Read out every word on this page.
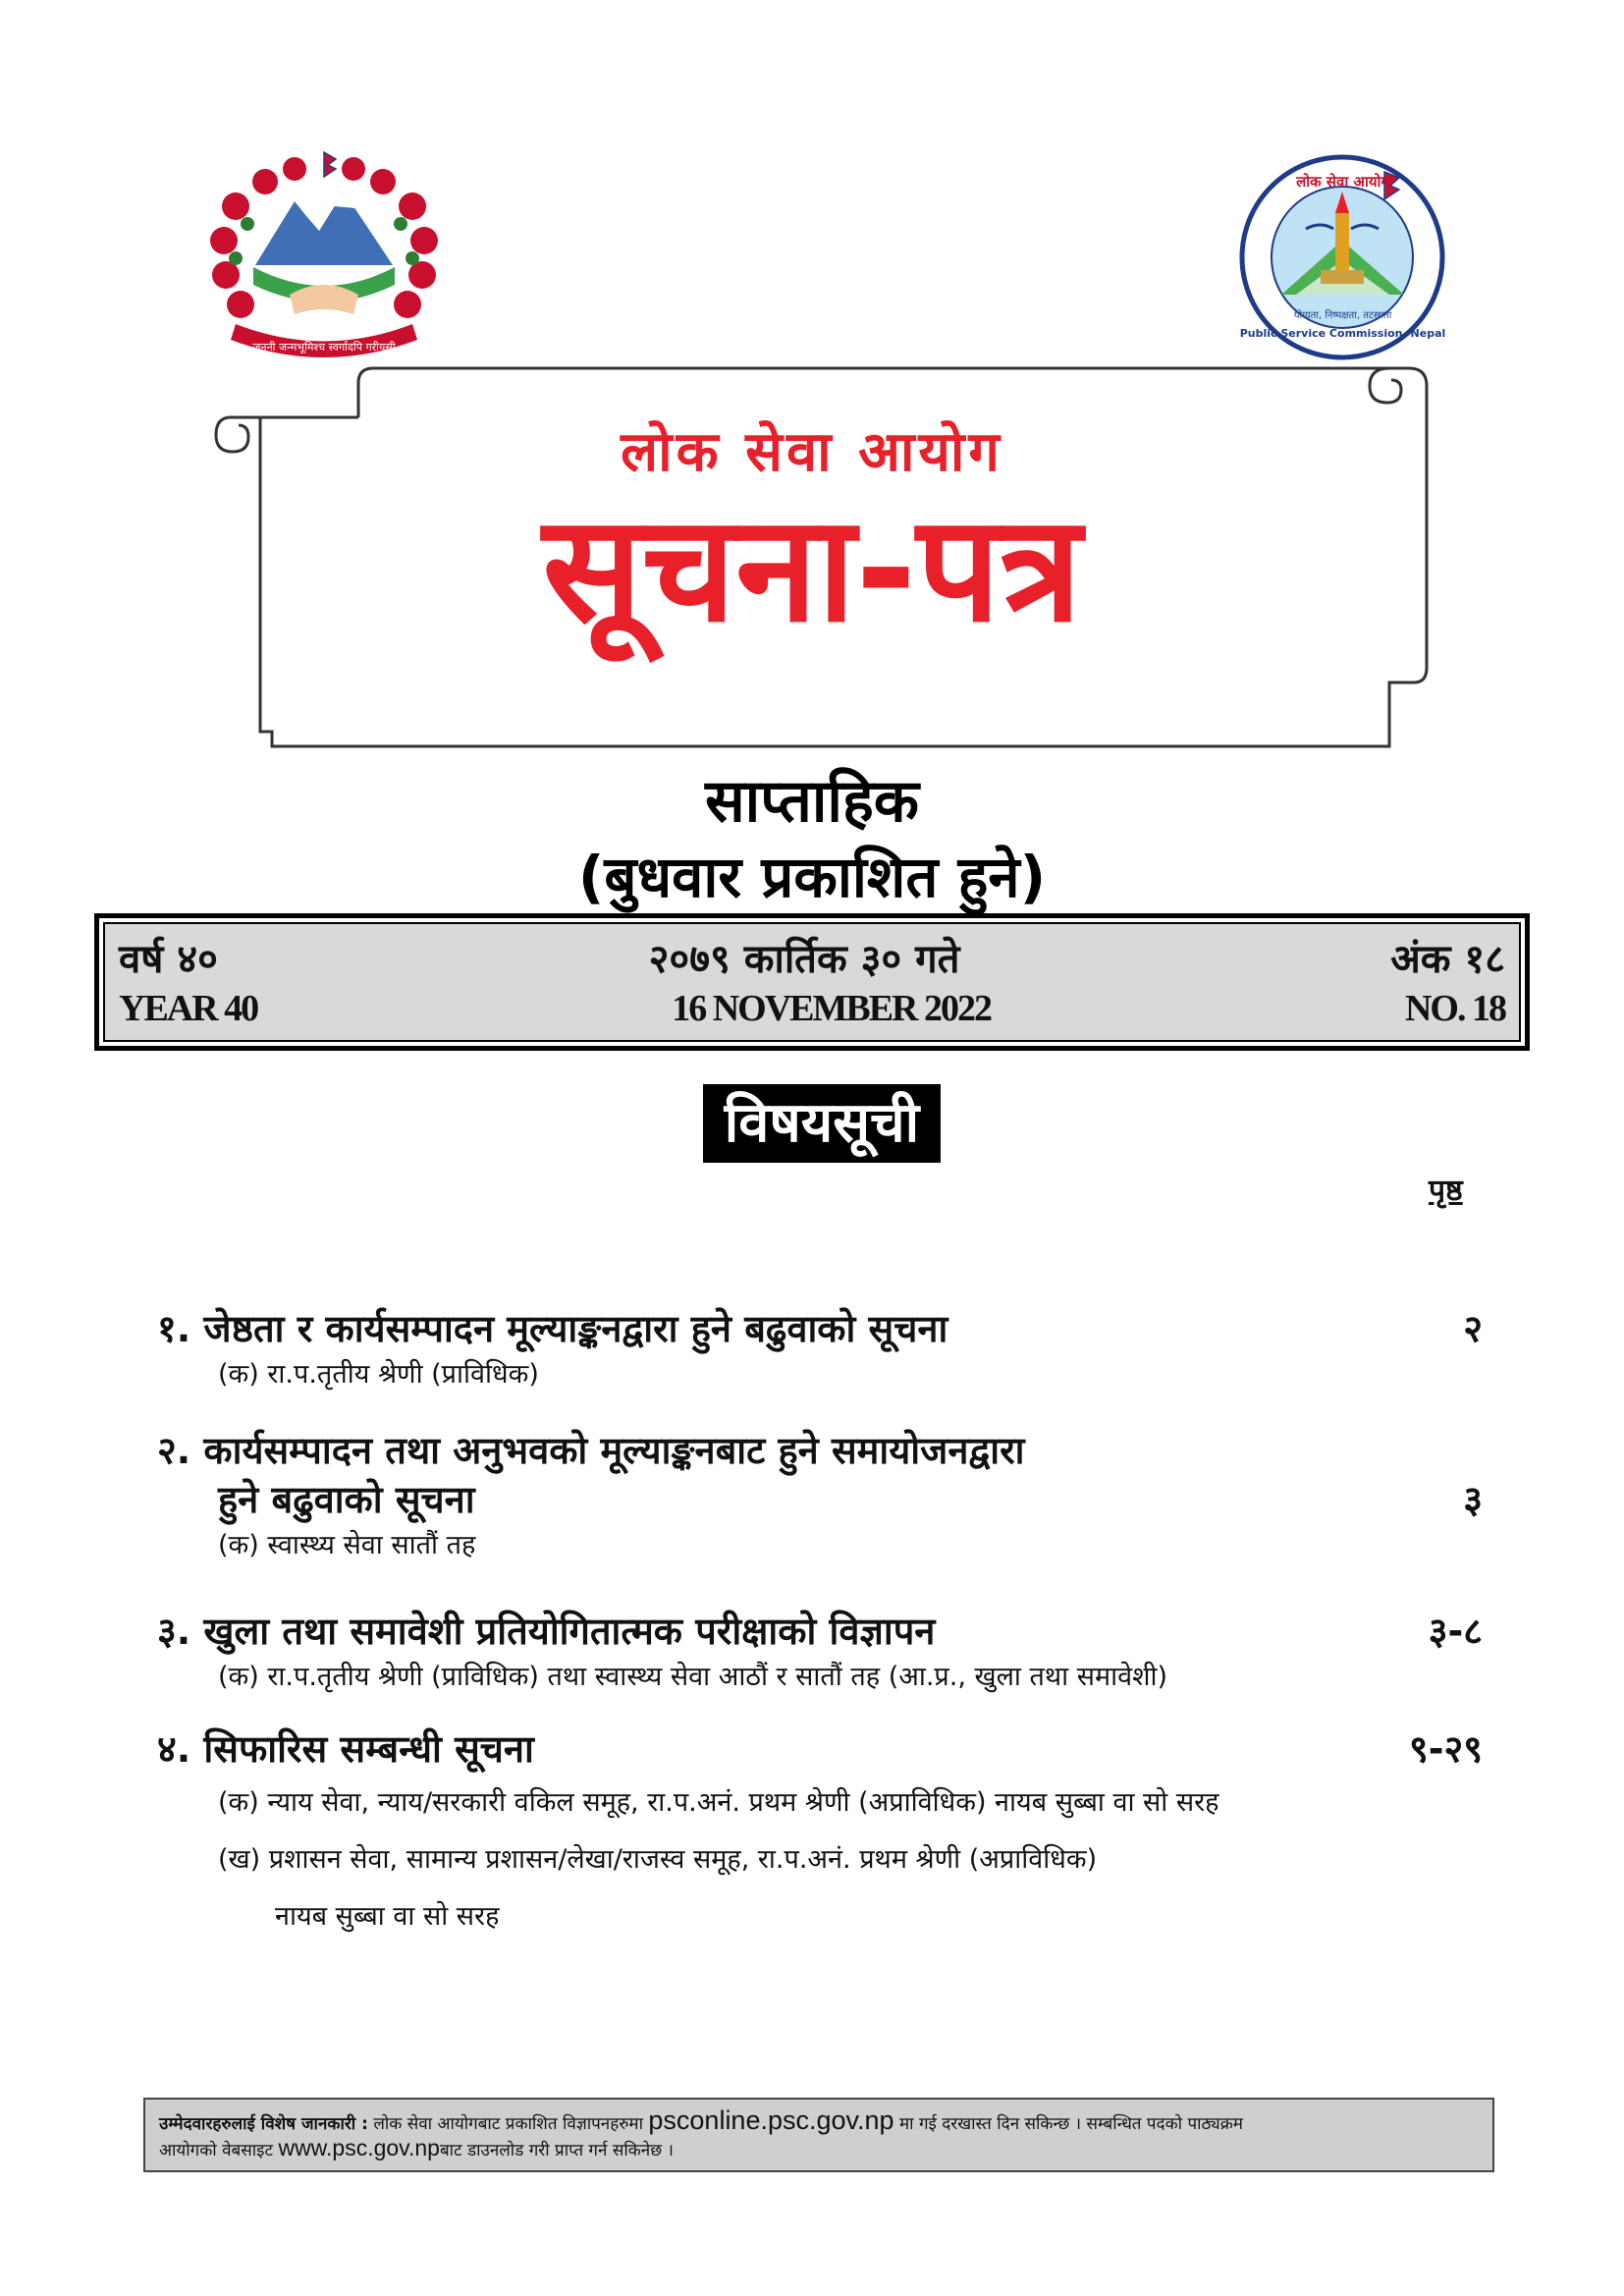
जननी जन्मभूमिश्च स्वर्गादपि गरीयसी
लोक सेवा आयोग
योग्यता, निष्पक्षता, तटस्थता
Public Service Commission, Nepal
लोक सेवा आयोग
सूचना-पत्र
साप्ताहिक
(बुधवार प्रकाशित हुने)
वर्ष ४०	२०७९ कार्तिक ३० गते	अंक १८
YEAR 40	16 NOVEMBER 2022	NO. 18
विषयसूची
पृष्ठ
१. जेष्ठता र कार्यसम्पादन मूल्याङ्कनद्वारा हुने बढुवाको सूचना	२
(क) रा.प.तृतीय श्रेणी (प्राविधिक)
२. कार्यसम्पादन तथा अनुभवको मूल्याङ्कनबाट हुने समायोजनद्वारा
हुने बढुवाको सूचना	३
(क) स्वास्थ्य सेवा सातौं तह
३. खुला तथा समावेशी प्रतियोगितात्मक परीक्षाको विज्ञापन	३-८
(क) रा.प.तृतीय श्रेणी (प्राविधिक) तथा स्वास्थ्य सेवा आठौं र सातौं तह (आ.प्र., खुला तथा समावेशी)
४. सिफारिस सम्बन्धी सूचना	९-२९
(क) न्याय सेवा, न्याय/सरकारी वकिल समूह, रा.प.अनं. प्रथम श्रेणी (अप्राविधिक) नायब सुब्बा वा सो सरह
(ख) प्रशासन सेवा, सामान्य प्रशासन/लेखा/राजस्व समूह, रा.प.अनं. प्रथम श्रेणी (अप्राविधिक)
नायब सुब्बा वा सो सरह
उम्मेदवारहरुलाई विशेष जानकारी : लोक सेवा आयोगबाट प्रकाशित विज्ञापनहरुमा psconline.psc.gov.np मा गई दरखास्त दिन सकिन्छ । सम्बन्धित पदको पाठ्यक्रम
आयोगको वेबसाइट www.psc.gov.npबाट डाउनलोड गरी प्राप्त गर्न सकिनेछ ।
